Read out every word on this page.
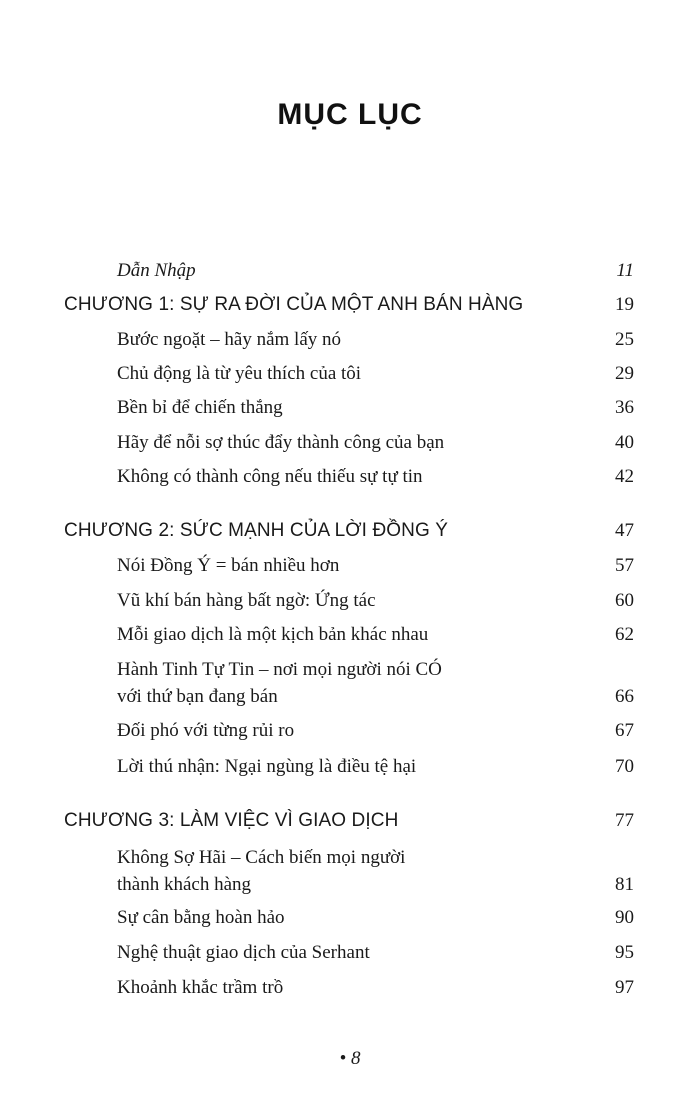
MỤC LỤC
Dẫn Nhập	11
CHƯƠNG 1: SỰ RA ĐỜI CỦA MỘT ANH BÁN HÀNG	19
Bước ngoặt – hãy nắm lấy nó	25
Chủ động là từ yêu thích của tôi	29
Bền bỉ để chiến thắng	36
Hãy để nỗi sợ thúc đẩy thành công của bạn	40
Không có thành công nếu thiếu sự tự tin	42
CHƯƠNG 2: SỨC MẠNH CỦA LỜI ĐỒNG Ý	47
Nói Đồng Ý = bán nhiều hơn	57
Vũ khí bán hàng bất ngờ: Ứng tác	60
Mỗi giao dịch là một kịch bản khác nhau	62
Hành Tinh Tự Tin – nơi mọi người nói CÓ
với thứ bạn đang bán	66
Đối phó với từng rủi ro	67
Lời thú nhận: Ngại ngùng là điều tệ hại	70
CHƯƠNG 3: LÀM VIỆC VÌ GIAO DỊCH	77
Không Sợ Hãi – Cách biến mọi người
thành khách hàng	81
Sự cân bằng hoàn hảo	90
Nghệ thuật giao dịch của Serhant	95
Khoảnh khắc trầm trồ	97
• 8
